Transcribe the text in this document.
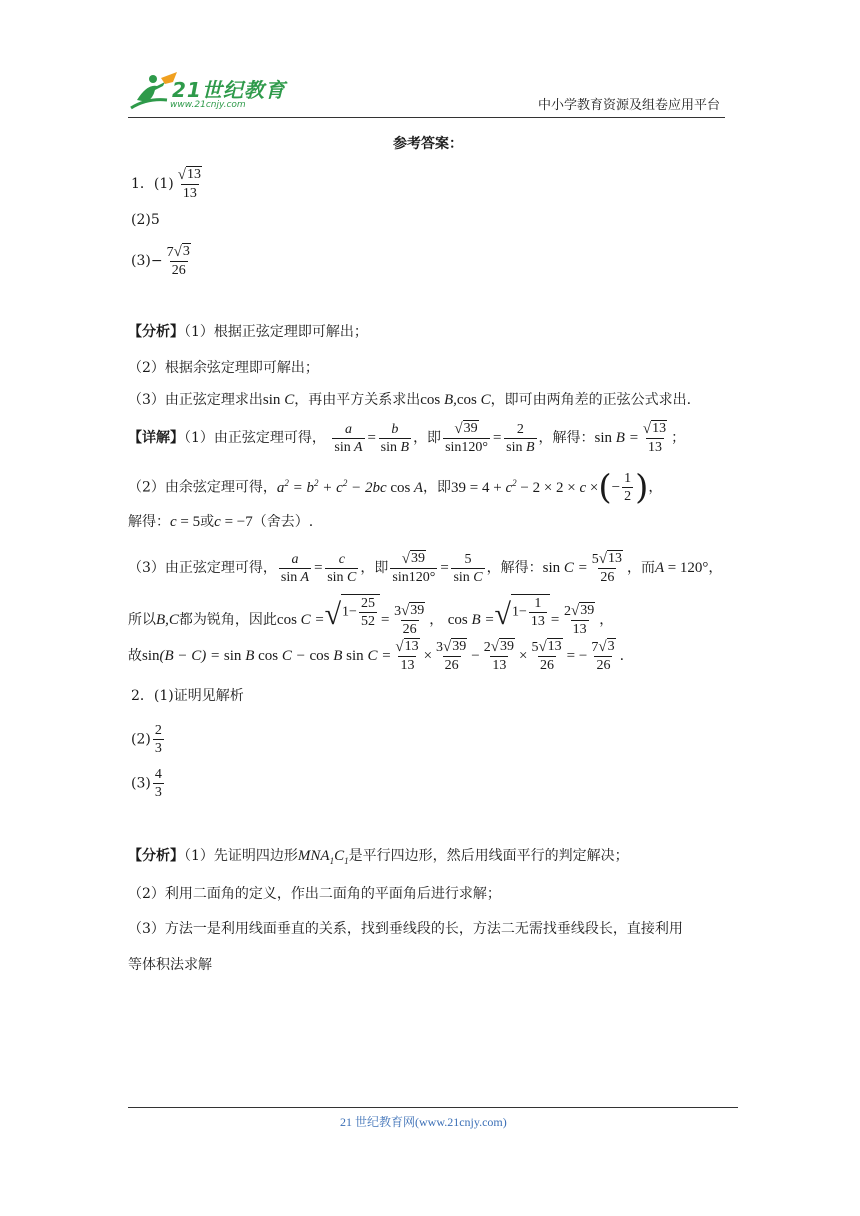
21世纪教育
www.21cnjy.com	中小学教育资源及组卷应用平台
参考答案：
1．$(1) \frac{√ 13}{13}$
(2)5
$(3)- \frac{7 √ 3}{26}$
【分析】（1）根据正弦定理即可解出；
（2）根据余弦定理即可解出；
（3）由正弦定理求出sin C，再由平方关系求出cos B,cos C，即可由两角差的正弦公式求出.
【详解】（1）由正弦定理可得， $\frac{a}{\text{sin A}} = \frac{b}{\text{sin B}}$ ，即 $\frac{√ 39}{\sin 120^\circ} = \frac{2}{\text{sin B}}$ ，解得：$\sin B = \frac{√ 13}{13}$ ；
（2）由余弦定理可得，$a^2 = b^2 + c^2 - 2bc$ cos A，即$39 = 4 + c^2 - 2 \times 2 \times c$ ×(− $\frac{1}{2}$ )，
解得：c = 5或c = −7（舍去）.
（3）由正弦定理可得， $\frac{a}{\text{sin A}} = \frac{c}{\text{sin C}}$ ，即 $\frac{√ 39}{\sin 120^\circ} = \frac{5}{\text{sin C}}$ ，解得：$\sin C = \frac{5 √ 13}{26}$ ，而A = 120°，
所以B,C都为锐角，因此cos C = √ $1- \frac{25}{52} = \frac{3 √ 39}{26}$ ， cos B = √ $1- \frac{1}{13} = \frac{2 √ 39}{13}$ ，
故sin(B − C) = sin B cos C − cos B $\sin C = \frac{√ 13}{13} \times \frac{3 √ 39}{26} - \frac{2 √ 39}{13} \times \frac{5 √ 13}{26}$ = − $\frac{7 √ 3}{26}$ .
2．(1)证明见解析
$(2) \frac{2}{3}$
$(3) \frac{4}{3}$
【分析】（1）先证明四边形$MNA_1C_1$是平行四边形，然后用线面平行的判定解决；
（2）利用二面角的定义，作出二面角的平面角后进行求解；
（3）方法一是利用线面垂直的关系，找到垂线段的长，方法二无需找垂线段长，直接利用
等体积法求解
21 世纪教育网(www.21cnjy.com)
